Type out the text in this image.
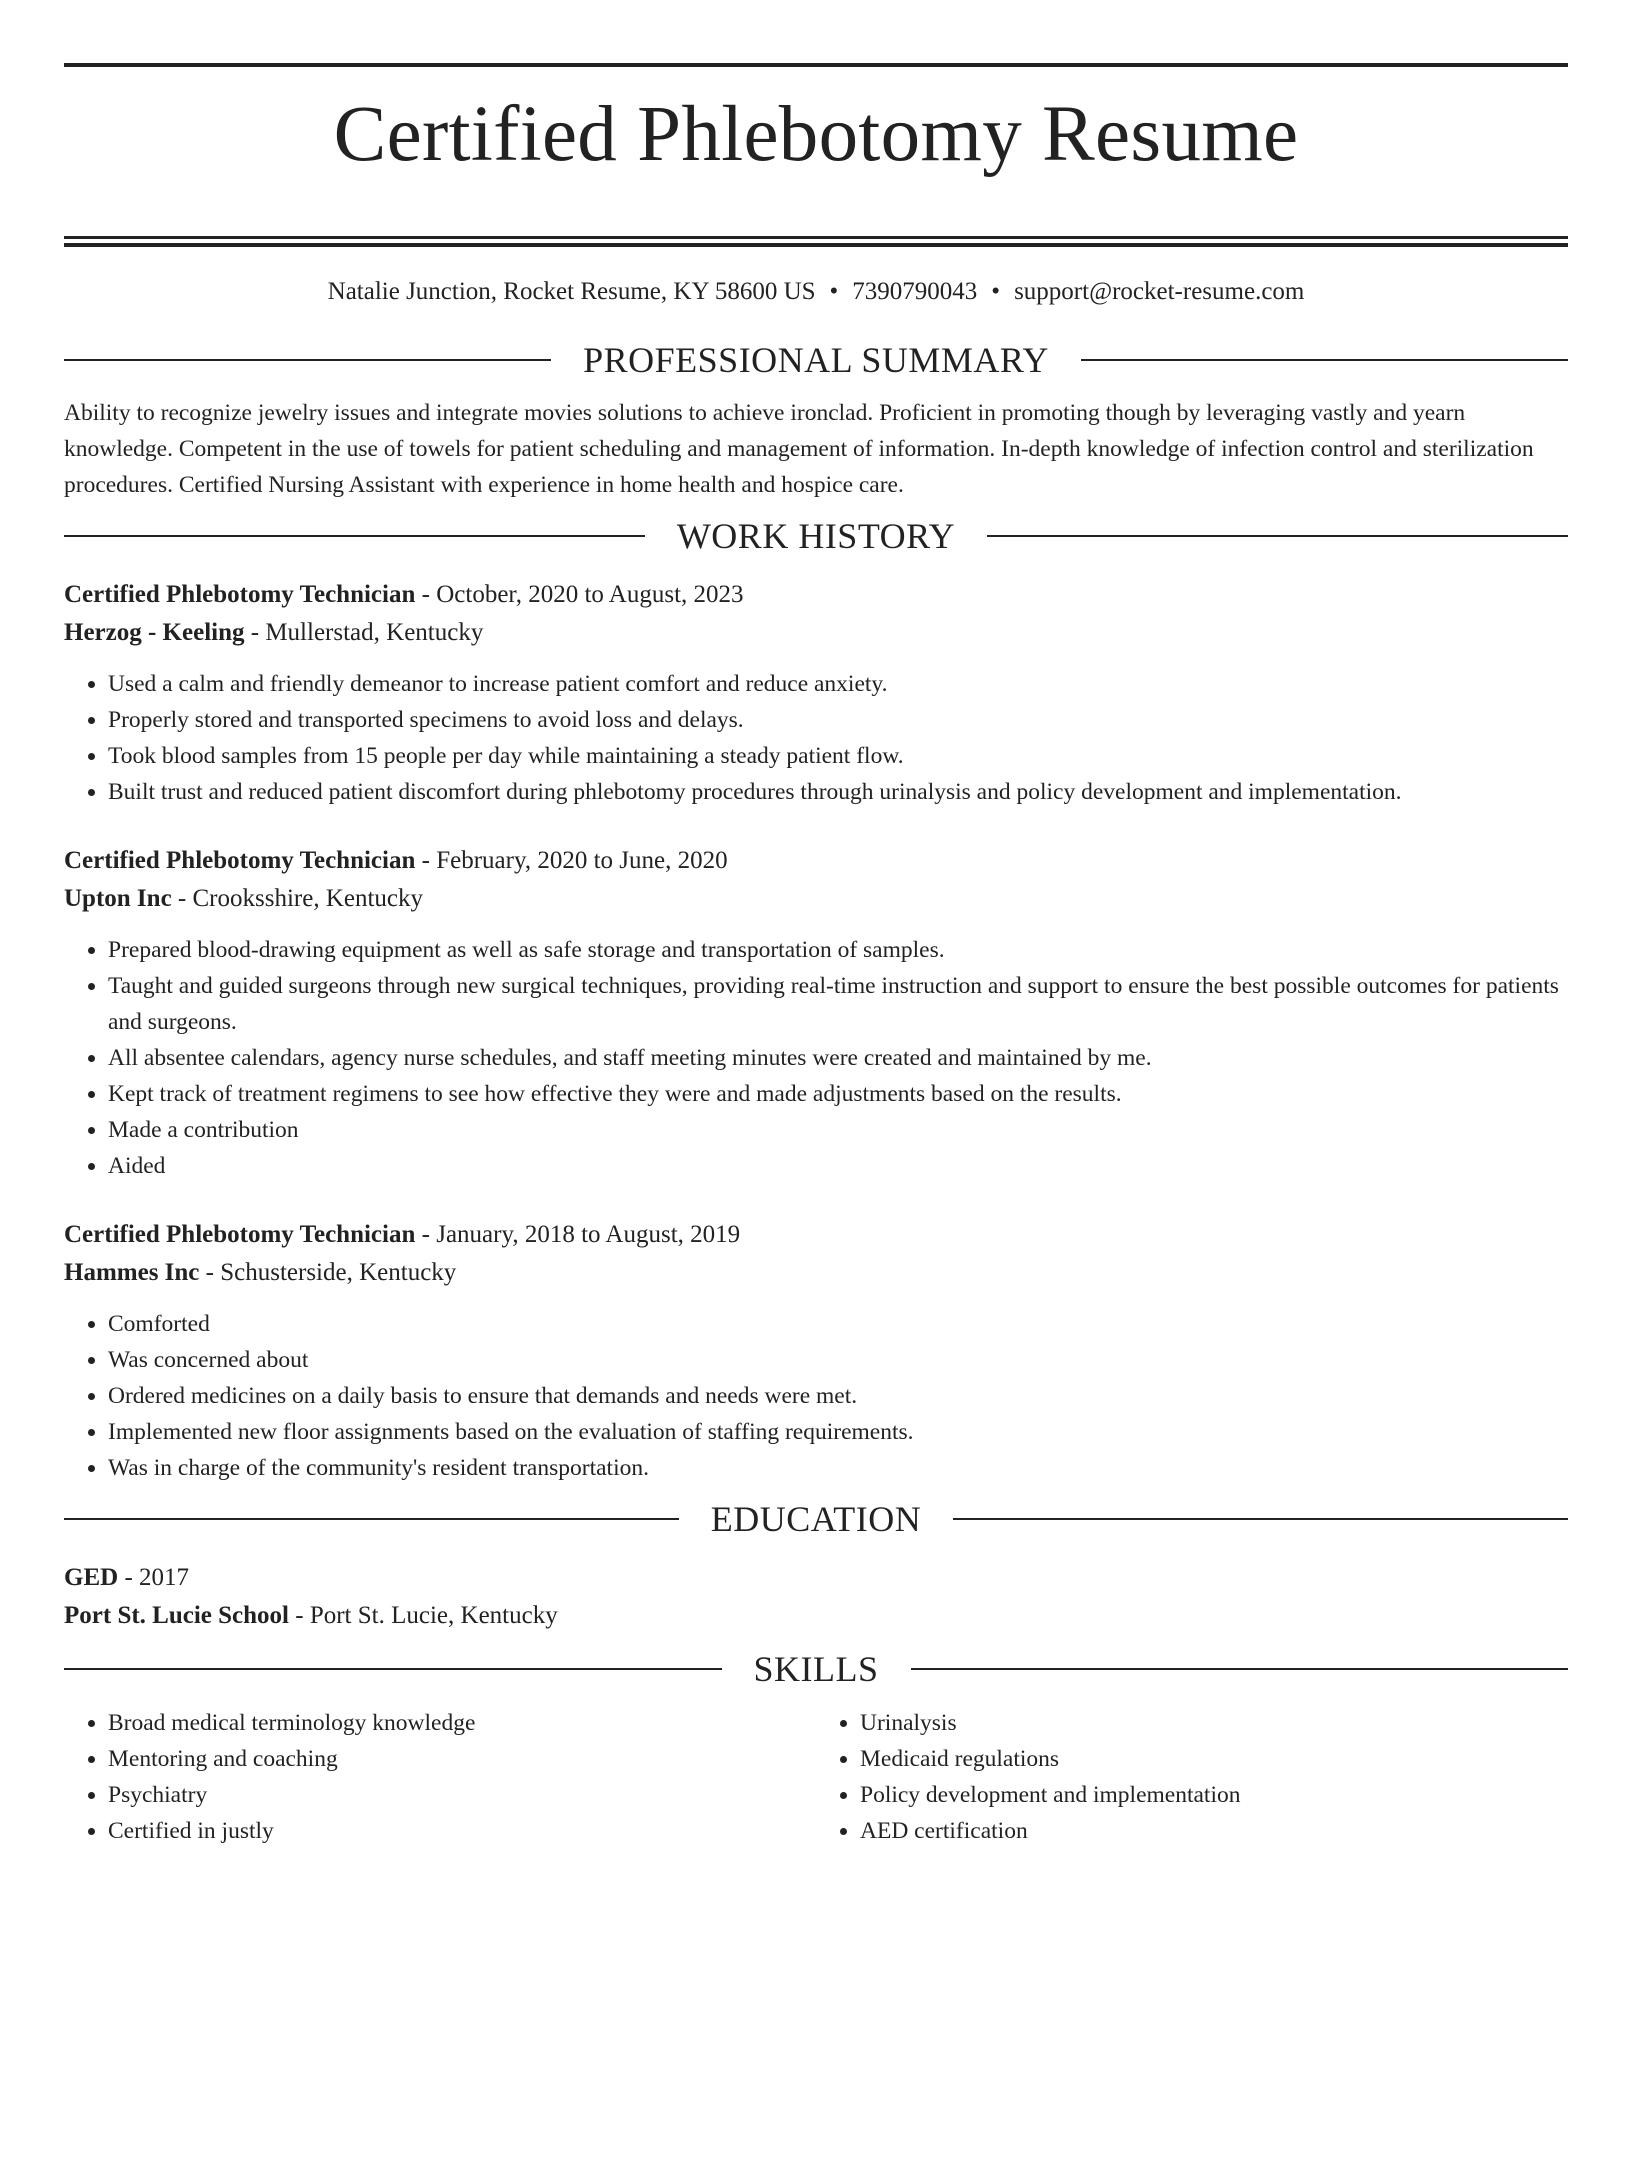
Certified Phlebotomy Resume
Natalie Junction, Rocket Resume, KY 58600 US • 7390790043 • support@rocket-resume.com
PROFESSIONAL SUMMARY

Ability to recognize jewelry issues and integrate movies solutions to achieve ironclad. Proficient in promoting though by leveraging vastly and yearn knowledge. Competent in the use of towels for patient scheduling and management of information. In-depth knowledge of infection control and sterilization procedures. Certified Nursing Assistant with experience in home health and hospice care.

WORK HISTORY
Certified Phlebotomy Technician - October, 2020 to August, 2023
Herzog - Keeling - Mullerstad, Kentucky
• Used a calm and friendly demeanor to increase patient comfort and reduce anxiety.
• Properly stored and transported specimens to avoid loss and delays.
• Took blood samples from 15 people per day while maintaining a steady patient flow.
• Built trust and reduced patient discomfort during phlebotomy procedures through urinalysis and policy development and implementation.
Certified Phlebotomy Technician - February, 2020 to June, 2020
Upton Inc - Crooksshire, Kentucky
• Prepared blood-drawing equipment as well as safe storage and transportation of samples.
• Taught and guided surgeons through new surgical techniques, providing real-time instruction and support to ensure the best possible outcomes for patients and surgeons.
• All absentee calendars, agency nurse schedules, and staff meeting minutes were created and maintained by me.
• Kept track of treatment regimens to see how effective they were and made adjustments based on the results.
• Made a contribution
• Aided
Certified Phlebotomy Technician - January, 2018 to August, 2019
Hammes Inc - Schusterside, Kentucky
• Comforted
• Was concerned about
• Ordered medicines on a daily basis to ensure that demands and needs were met.
• Implemented new floor assignments based on the evaluation of staffing requirements.
• Was in charge of the community's resident transportation.
EDUCATION
GED - 2017
Port St. Lucie School - Port St. Lucie, Kentucky
SKILLS
• Broad medical terminology knowledge
• Mentoring and coaching
• Psychiatry
• Certified in justly
• Urinalysis
• Medicaid regulations
• Policy development and implementation
• AED certification
